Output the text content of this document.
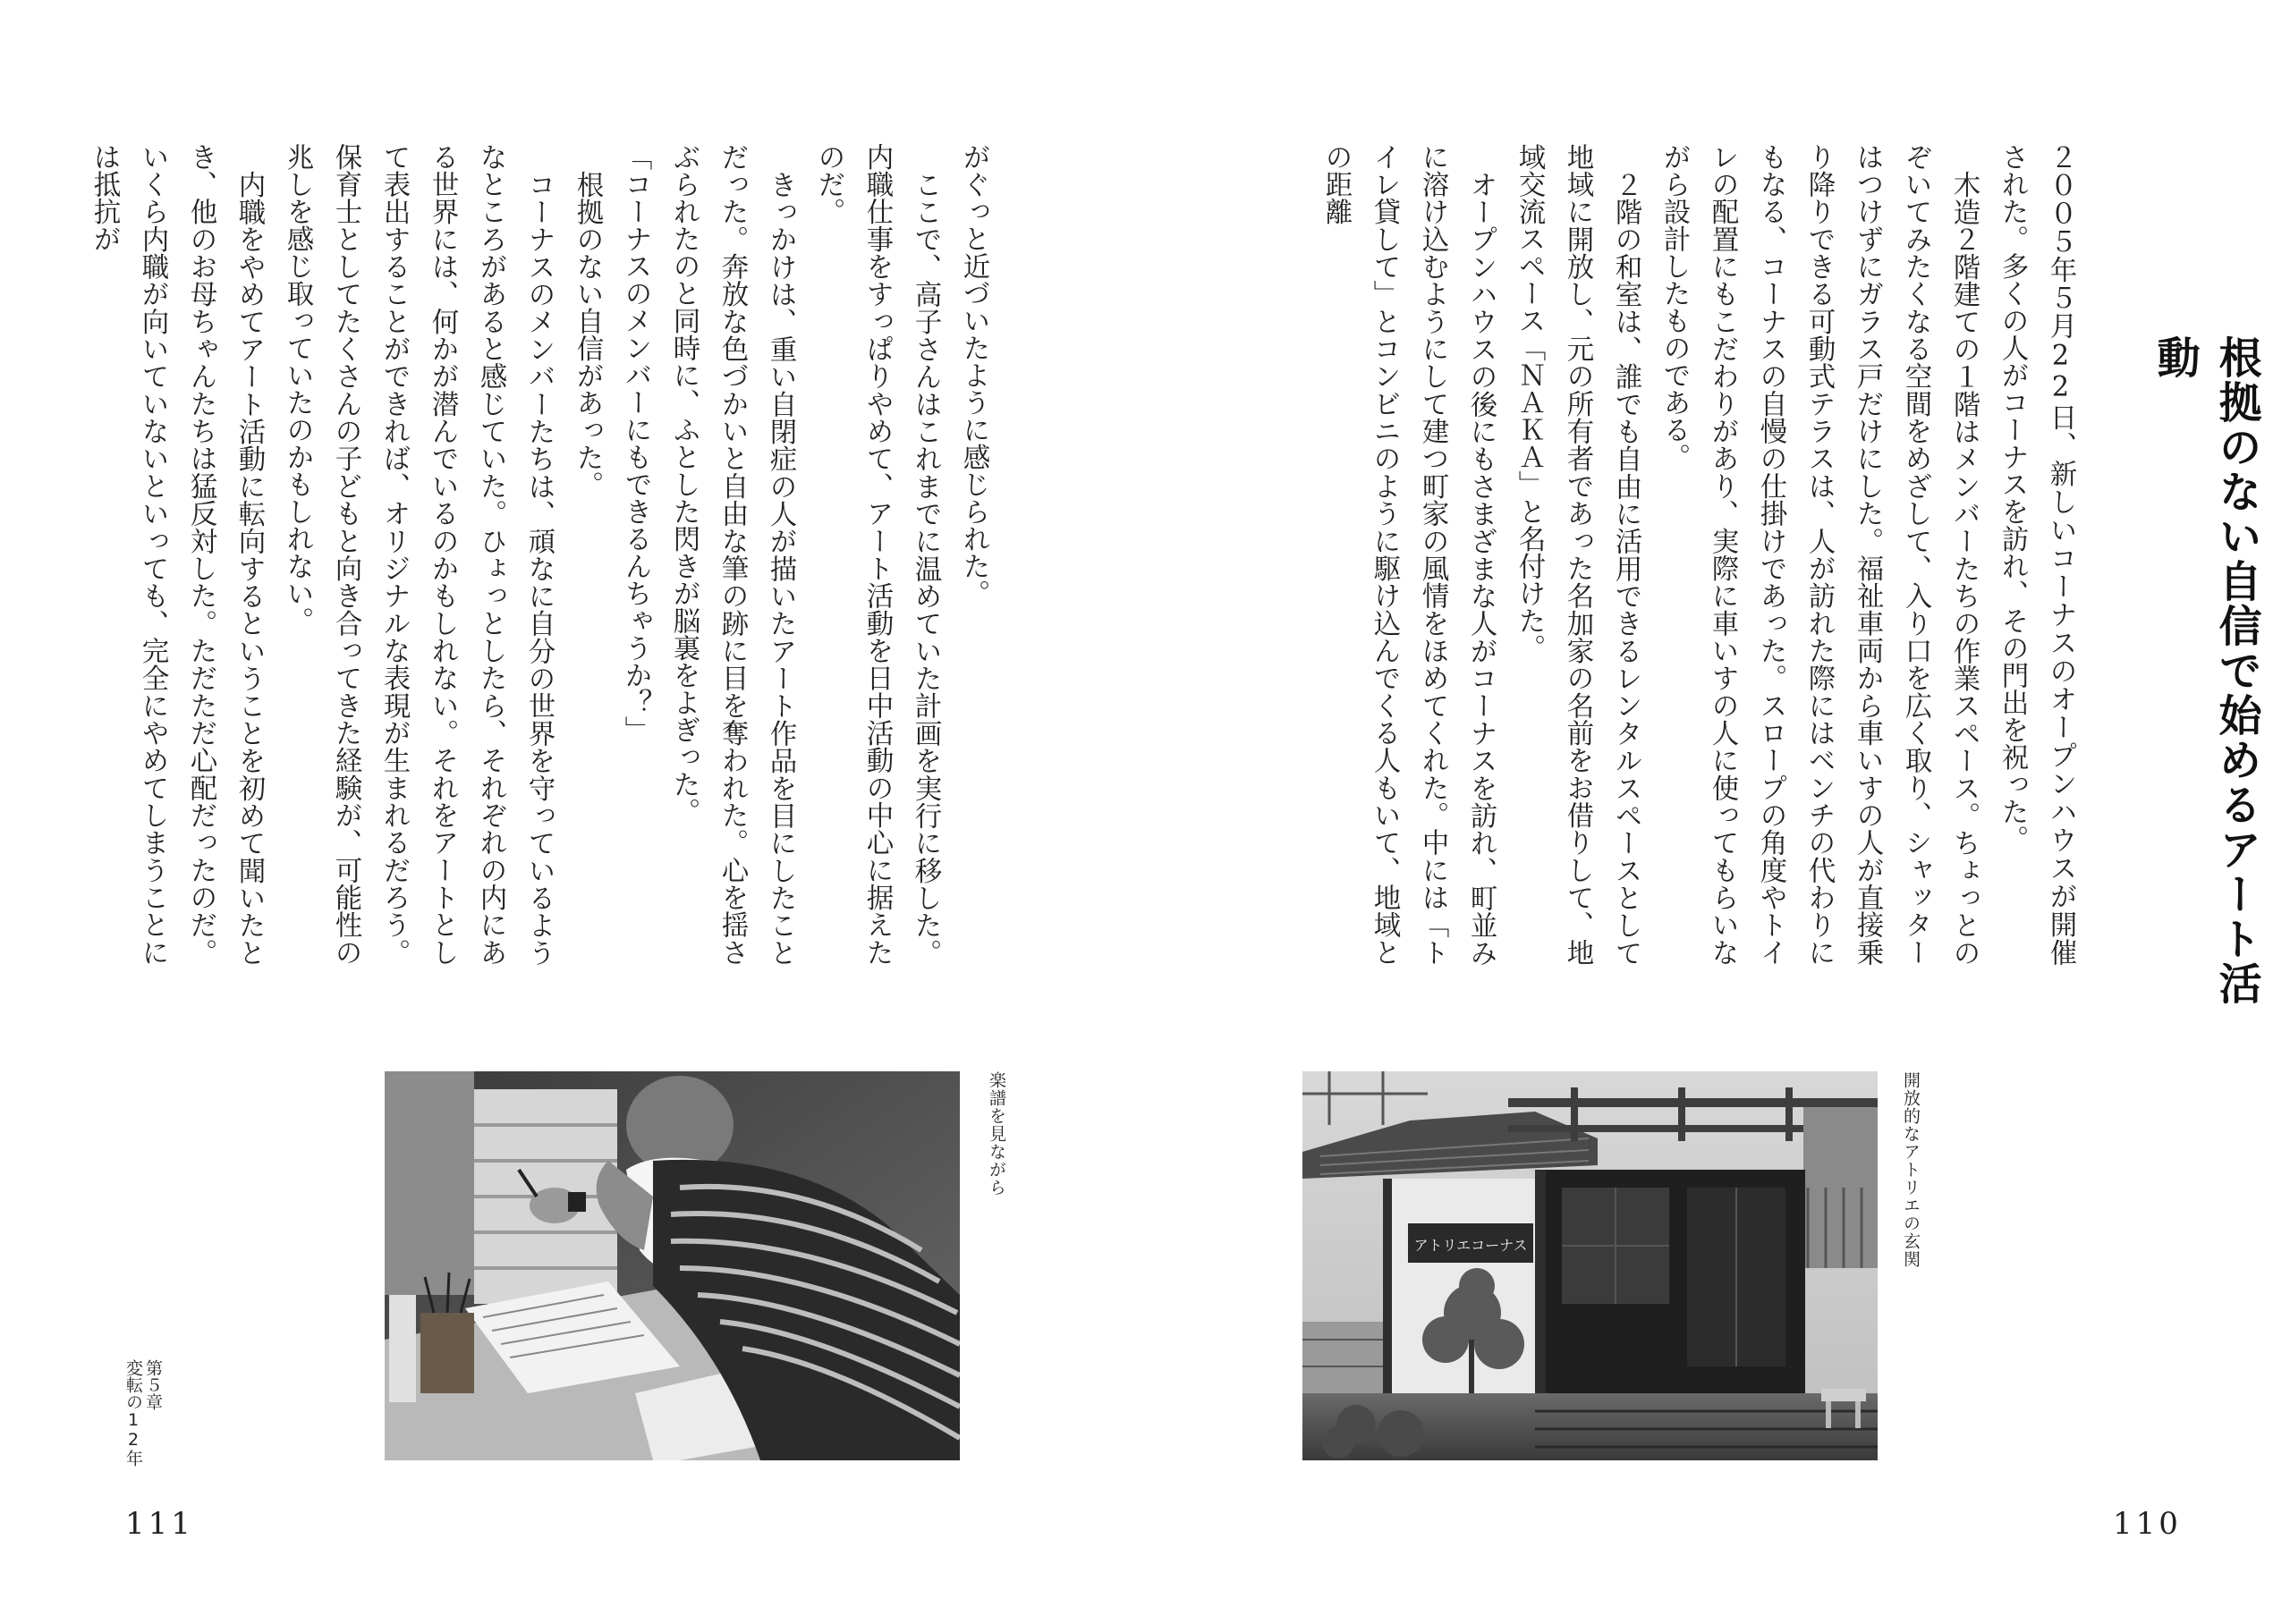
根拠のない自信で始めるアート活動

２００５年５月22日、新しいコーナスのオープンハウスが開催された。多くの人がコーナスを訪れ、その門出を祝った。

木造２階建ての１階はメンバーたちの作業スペース。ちょっとのぞいてみたくなる空間をめざして、入り口を広く取り、シャッターはつけずにガラス戸だけにした。福祉車両から車いすの人が直接乗り降りできる可動式テラスは、人が訪れた際にはベンチの代わりにもなる、コーナスの自慢の仕掛けであった。スロープの角度やトイレの配置にもこだわりがあり、実際に車いすの人に使ってもらいながら設計したものである。

２階の和室は、誰でも自由に活用できるレンタルスペースとして地域に開放し、元の所有者であった名加家の名前をお借りして、地域交流スペース「ＮＡＫＡ」と名付けた。

オープンハウスの後にもさまざまな人がコーナスを訪れ、町並みに溶け込むようにして建つ町家の風情をほめてくれた。中には「トイレ貸して」とコンビニのように駆け込んでくる人もいて、地域との距離

開放的なアトリエの玄関
アトリエコーナス
110

がぐっと近づいたように感じられた。

ここで、高子さんはこれまでに温めていた計画を実行に移した。内職仕事をすっぱりやめて、アート活動を日中活動の中心に据えたのだ。

きっかけは、重い自閉症の人が描いたアート作品を目にしたことだった。奔放な色づかいと自由な筆の跡に目を奪われた。心を揺さぶられたのと同時に、ふとした閃きが脳裏をよぎった。

「コーナスのメンバーにもできるんちゃうか？」

根拠のない自信があった。

コーナスのメンバーたちは、頑なに自分の世界を守っているようなところがあると感じていた。ひょっとしたら、それぞれの内にある世界には、何かが潜んでいるのかもしれない。それをアートとして表出することができれば、オリジナルな表現が生まれるだろう。保育士としてたくさんの子どもと向き合ってきた経験が、可能性の兆しを感じ取っていたのかもしれない。

内職をやめてアート活動に転向するということを初めて聞いたとき、他のお母ちゃんたちは猛反対した。ただただ心配だったのだ。いくら内職が向いていないといっても、完全にやめてしまうことには抵抗が

楽譜を見ながら
第５章
変転の12年
111
